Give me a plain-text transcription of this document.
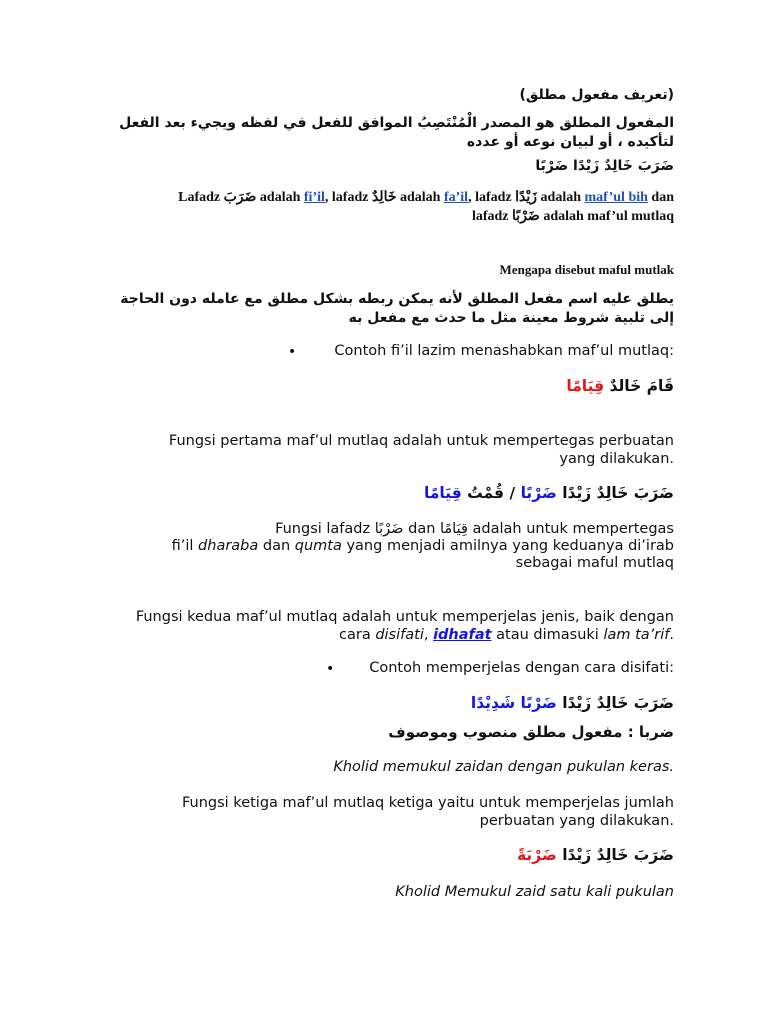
(تعريف مفعول مطلق)

المفعول المطلق هو المصدر الْمُنْتَصِبُ الموافق للفعل في لفظه ويجيء بعد الفعل لتأكيده ، أو لبيان نوعه أو عدده

ضَرَبَ خَالِدٌ زَيْدًا ضَرْبًا

Lafadz ضَرَبَ adalah fi’il, lafadz خَالِدٌ adalah fa’il, lafadz زَيْدًا adalah maf’ul bih dan
lafadz ضَرْبًا adalah maf’ul mutlaq

Mengapa disebut maful mutlak

يطلق عليه اسم مفعل المطلق لأنه يمكن ربطه بشكل مطلق مع عامله دون الحاجة إلى تلبية شروط معينة مثل ما حدث مع مفعل به

•	Contoh fi’il lazim menashabkan maf’ul mutlaq:

قَامَ خَالدٌ قِيَامًا

Fungsi pertama maf’ul mutlaq adalah untuk mempertegas perbuatan
yang dilakukan.

ضَرَبَ خَالِدٌ زَيْدًا ضَرْبًا / قُمْتُ قِيَامًا

Fungsi lafadz ضَرْبًا dan قِيَامًا adalah untuk mempertegas
fi’il dharaba dan qumta yang menjadi amilnya yang keduanya di’irab
sebagai maful mutlaq
Fungsi kedua maf’ul mutlaq adalah untuk memperjelas jenis, baik dengan
cara disifati, idhafat atau dimasuki lam ta’rif.
• Contoh memperjelas dengan cara disifati:

ضَرَبَ خَالِدٌ زَيْدًا ضَرْبًا شَدِيْدًا

ضربا : مفعول مطلق منصوب وموصوف

Kholid memukul zaidan dengan pukulan keras.

Fungsi ketiga maf’ul mutlaq ketiga yaitu untuk memperjelas jumlah
perbuatan yang dilakukan.

ضَرَبَ خَالِدٌ زَيْدًا ضَرْبَةً

Kholid Memukul zaid satu kali pukulan
